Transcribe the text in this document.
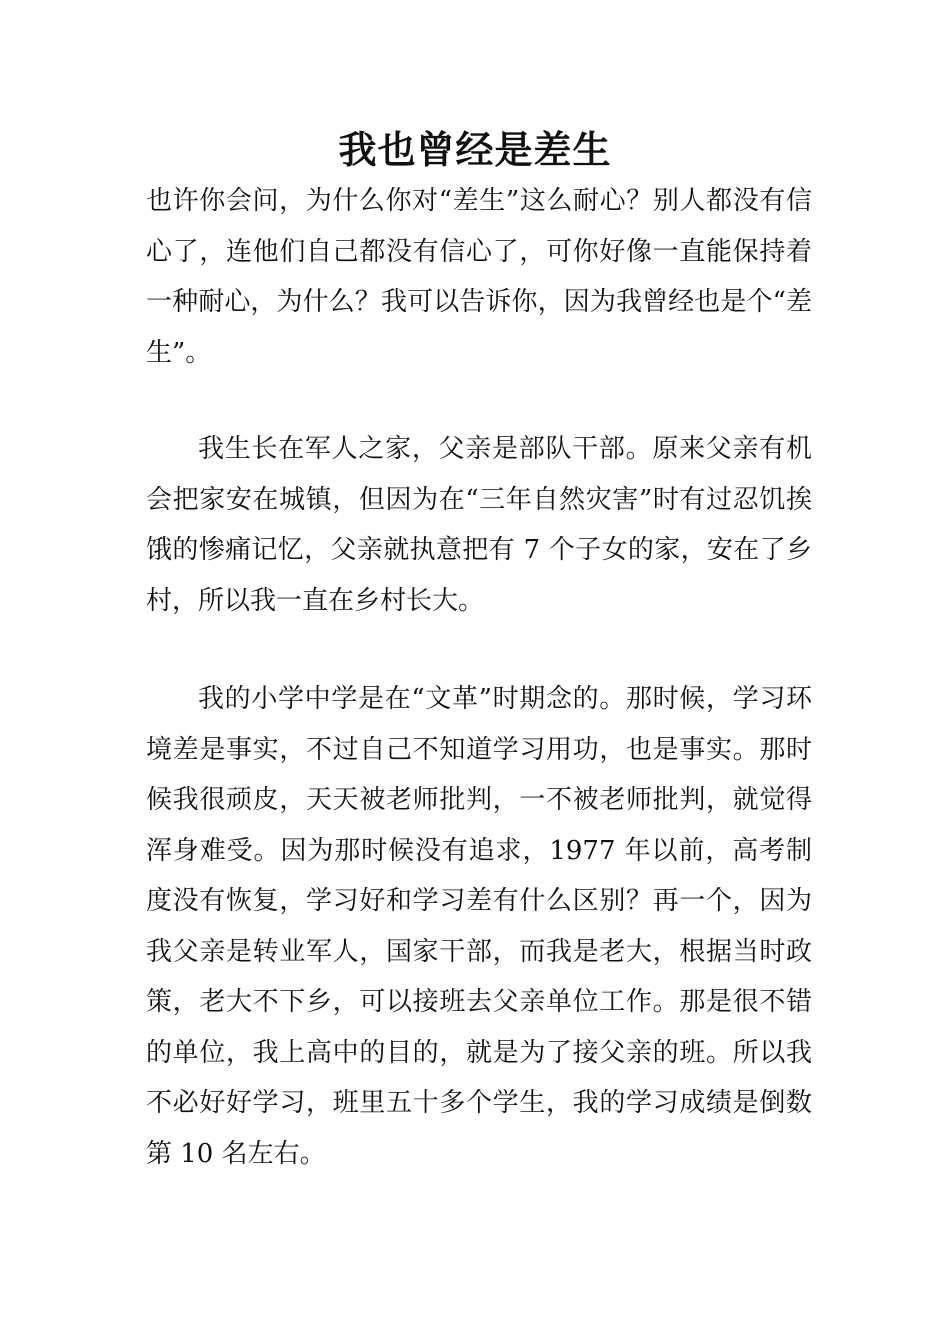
我也曾经是差生

也许你会问，为什么你对“差生”这么耐心？别人都没有信心了，连他们自己都没有信心了，可你好像一直能保持着一种耐心，为什么？我可以告诉你，因为我曾经也是个“差生”。

我生长在军人之家，父亲是部队干部。原来父亲有机会把家安在城镇，但因为在“三年自然灾害”时有过忍饥挨饿的惨痛记忆，父亲就执意把有 7 个子女的家，安在了乡村，所以我一直在乡村长大。

我的小学中学是在“文革”时期念的。那时候，学习环境差是事实，不过自己不知道学习用功，也是事实。那时候我很顽皮，天天被老师批判，一不被老师批判，就觉得浑身难受。因为那时候没有追求，1977 年以前，高考制度没有恢复，学习好和学习差有什么区别？再一个，因为我父亲是转业军人，国家干部，而我是老大，根据当时政策，老大不下乡，可以接班去父亲单位工作。那是很不错的单位，我上高中的目的，就是为了接父亲的班。所以我不必好好学习，班里五十多个学生，我的学习成绩是倒数第 10 名左右。
